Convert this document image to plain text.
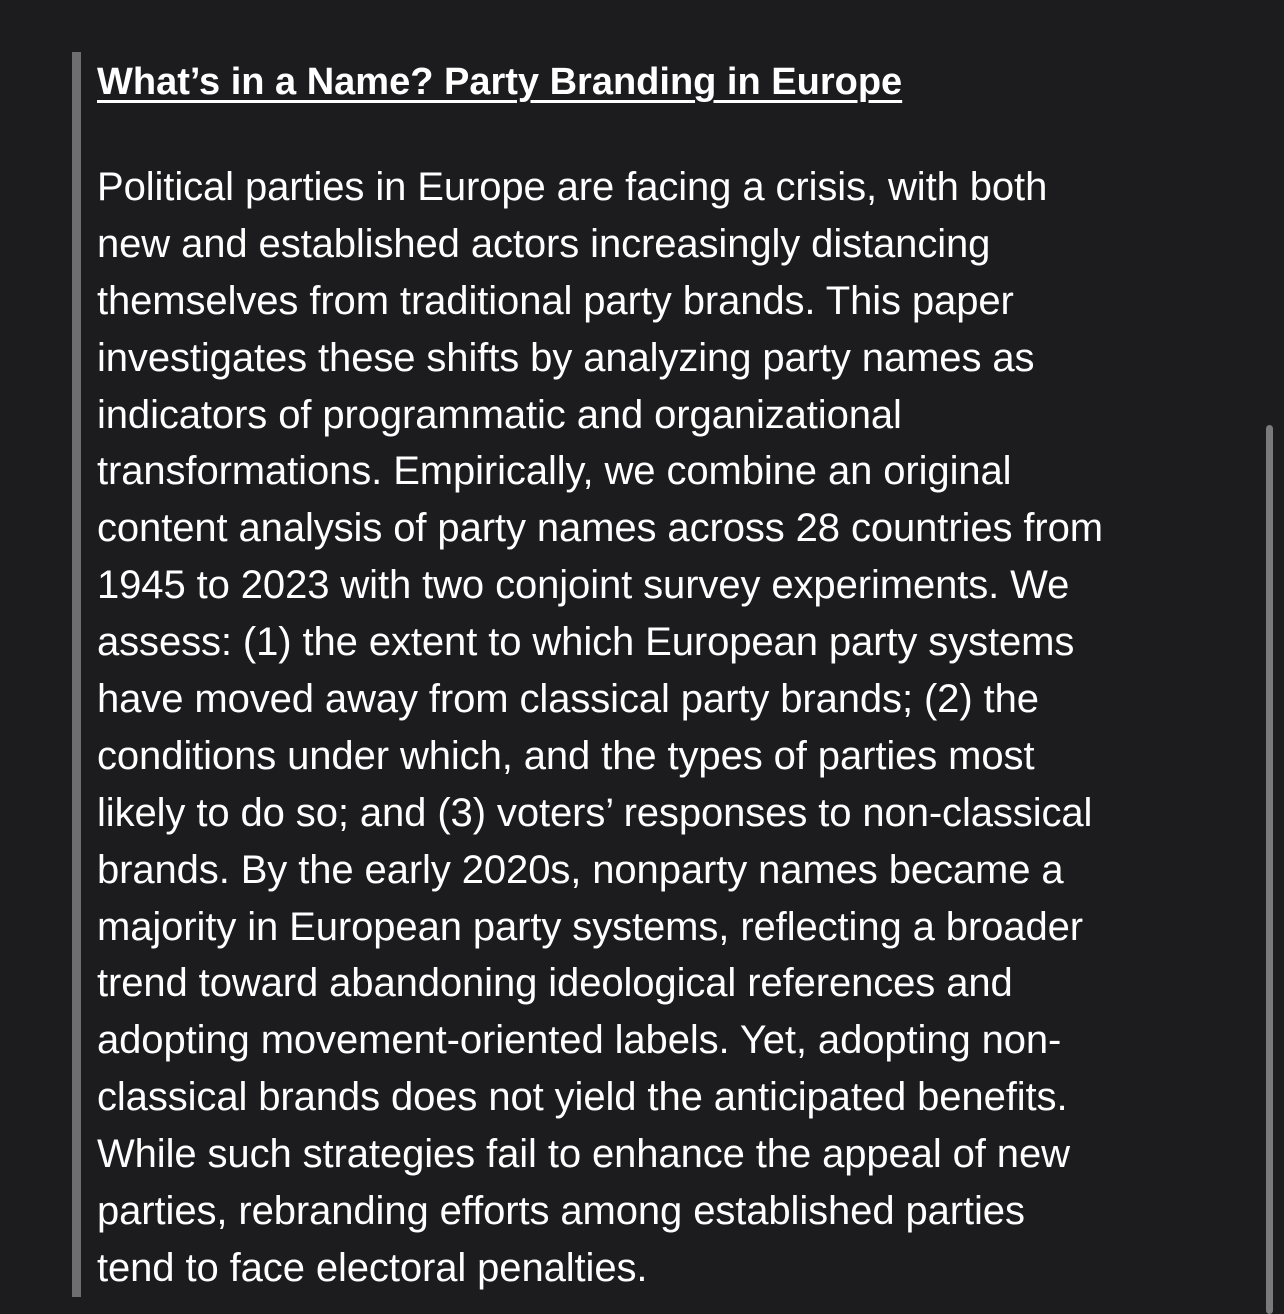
What’s in a Name? Party Branding in Europe
Political parties in Europe are facing a crisis, with both
new and established actors increasingly distancing
themselves from traditional party brands. This paper
investigates these shifts by analyzing party names as
indicators of programmatic and organizational
transformations. Empirically, we combine an original
content analysis of party names across 28 countries from
1945 to 2023 with two conjoint survey experiments. We
assess: (1) the extent to which European party systems
have moved away from classical party brands; (2) the
conditions under which, and the types of parties most
likely to do so; and (3) voters’ responses to non-classical
brands. By the early 2020s, nonparty names became a
majority in European party systems, reflecting a broader
trend toward abandoning ideological references and
adopting movement-oriented labels. Yet, adopting non-
classical brands does not yield the anticipated benefits.
While such strategies fail to enhance the appeal of new
parties, rebranding efforts among established parties
tend to face electoral penalties.
